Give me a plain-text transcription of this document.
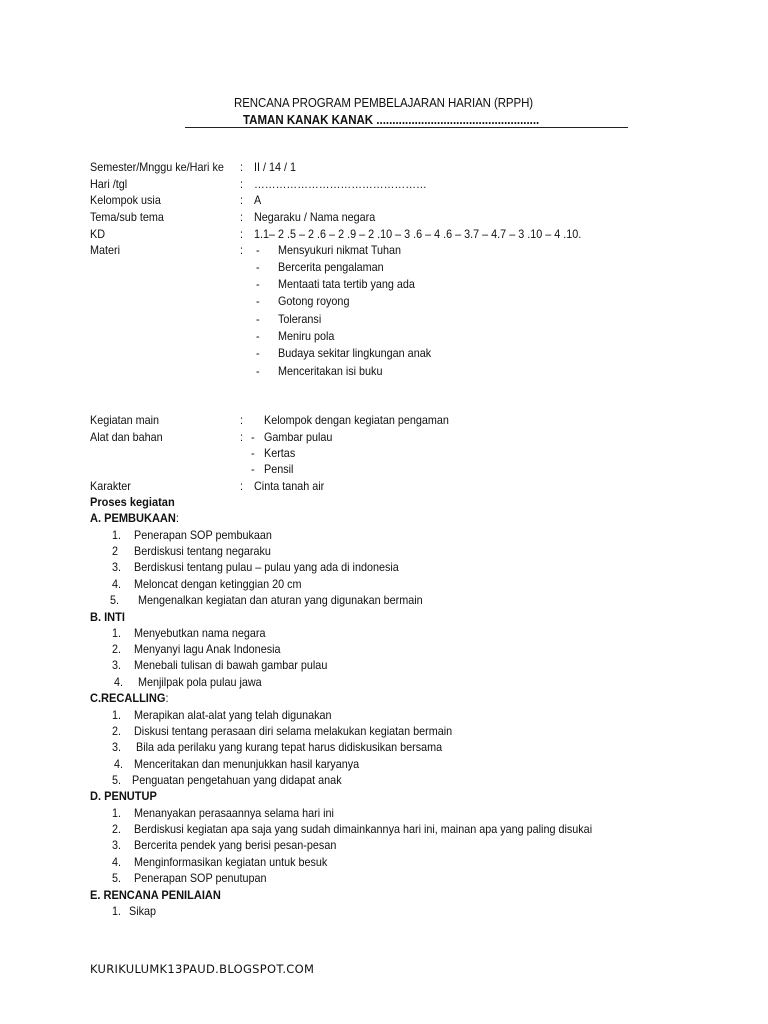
RENCANA PROGRAM PEMBELAJARAN HARIAN (RPPH)
TAMAN KANAK KANAK ...................................................
Semester/Mnggu ke/Hari ke : II / 14 / 1
Hari /tgl	: …………………………………………
Kelompok usia	: A
Tema/sub tema	: Negaraku / Nama negara
KD	: 1.1– 2 .5 – 2 .6 – 2 .9 – 2 .10 – 3 .6 – 4 .6 – 3.7 – 4.7 – 3 .10 – 4 .10.
Materi	: - Mensyukuri nikmat Tuhan
- Bercerita pengalaman
- Mentaati tata tertib yang ada
- Gotong royong
- Toleransi
- Meniru pola
- Budaya sekitar lingkungan anak
- Menceritakan isi buku
Kegiatan main	: Kelompok dengan kegiatan pengaman
Alat dan bahan	: - Gambar pulau
- Kertas
- Pensil
Karakter	: Cinta tanah air
Proses kegiatan
A. PEMBUKAAN:
1. Penerapan SOP pembukaan
2 Berdiskusi tentang negaraku
3. Berdiskusi tentang pulau – pulau yang ada di indonesia
4. Meloncat dengan ketinggian 20 cm
5. Mengenalkan kegiatan dan aturan yang digunakan bermain
B. INTI
1. Menyebutkan nama negara
2. Menyanyi lagu Anak Indonesia
3. Menebali tulisan di bawah gambar pulau
4. Menjilpak pola pulau jawa
C.RECALLING:
1. Merapikan alat-alat yang telah digunakan
2. Diskusi tentang perasaan diri selama melakukan kegiatan bermain
3. Bila ada perilaku yang kurang tepat harus didiskusikan bersama
4. Menceritakan dan menunjukkan hasil karyanya
5. Penguatan pengetahuan yang didapat anak
D. PENUTUP
1. Menanyakan perasaannya selama hari ini
2. Berdiskusi kegiatan apa saja yang sudah dimainkannya hari ini, mainan apa yang paling disukai
3. Bercerita pendek yang berisi pesan-pesan
4. Menginformasikan kegiatan untuk besuk
5. Penerapan SOP penutupan
E. RENCANA PENILAIAN
1. Sikap
KURIKULUMK13PAUD.BLOGSPOT.COM
